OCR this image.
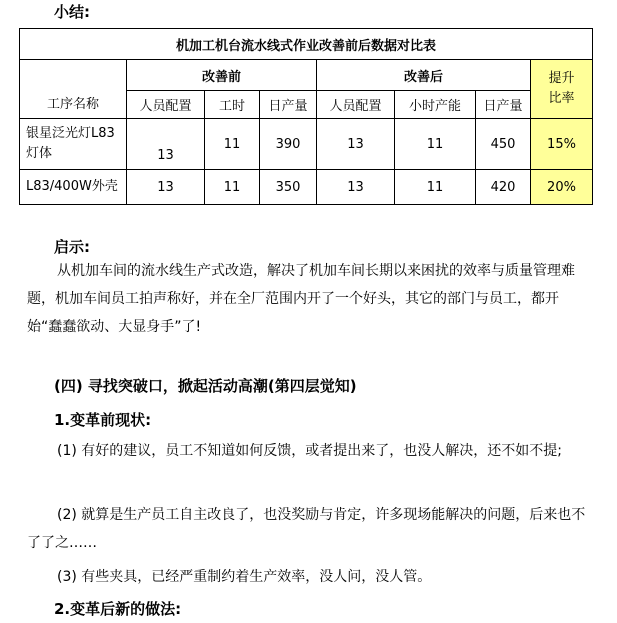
小结:
机加工机台流水线式作业改善前后数据对比表							
工序名称	改善前			改善后			提升比率
	人员配置	工时	日产量	人员配置	小时产能	日产量	
银星泛光灯L83灯体	13	11	390	13	11	450	15%
L83/400W外壳	13	11	350	13	11	420	20%
启示:
从机加车间的流水线生产式改造，解决了机加车间长期以来困扰的效率与质量管理难题，机加车间员工拍声称好，并在全厂范围内开了一个好头，其它的部门与员工，都开始“蠢蠢欲动、大显身手”了!
(四) 寻找突破口，掀起活动高潮(第四层觉知)
1.变革前现状:
(1) 有好的建议，员工不知道如何反馈，或者提出来了，也没人解决，还不如不提;
(2) 就算是生产员工自主改良了，也没奖励与肯定，许多现场能解决的问题，后来也不了了之……
(3) 有些夹具，已经严重制约着生产效率，没人问，没人管。
2.变革后新的做法:
